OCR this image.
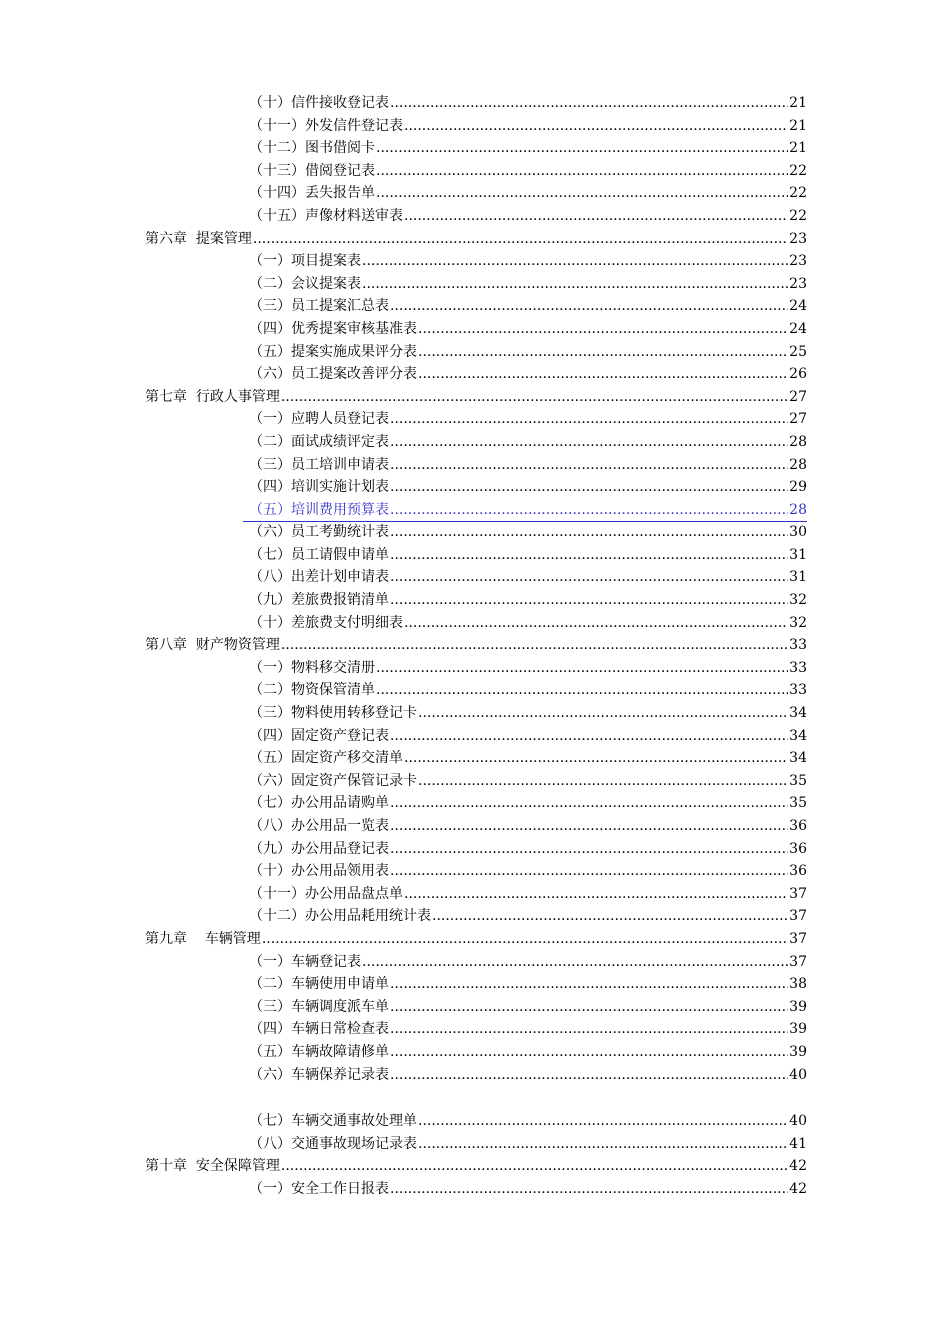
（十）信件接收登记表 .....	21
（十一）外发信件登记表 .....	21
（十二）图书借阅卡 .....	21
（十三）借阅登记表 .....	22
（十四）丢失报告单 .....	22
（十五）声像材料送审表 .....	22
第六章  提案管理 .....	23
（一）项目提案表 .....	23
（二）会议提案表 .....	23
（三）员工提案汇总表 .....	24
（四）优秀提案审核基准表 .....	24
（五）提案实施成果评分表 .....	25
（六）员工提案改善评分表 .....	26
第七章  行政人事管理 .....	27
（一）应聘人员登记表 .....	27
（二）面试成绩评定表 .....	28
（三）员工培训申请表 .....	28
（四）培训实施计划表 .....	29
（五）培训费用预算表 .....	28
（六）员工考勤统计表 .....	30
（七）员工请假申请单 .....	31
（八）出差计划申请表 .....	31
（九）差旅费报销清单 .....	32
（十）差旅费支付明细表 .....	32
第八章  财产物资管理 .....	33
（一）物料移交清册 .....	33
（二）物资保管清单 .....	33
（三）物料使用转移登记卡 .....	34
（四）固定资产登记表 .....	34
（五）固定资产移交清单 .....	34
（六）固定资产保管记录卡 .....	35
（七）办公用品请购单 .....	35
（八）办公用品一览表 .....	36
（九）办公用品登记表 .....	36
（十）办公用品领用表 .....	36
（十一）办公用品盘点单 .....	37
（十二）办公用品耗用统计表 .....	37
第九章    车辆管理 .....	37
（一）车辆登记表 .....	37
（二）车辆使用申请单 .....	38
（三）车辆调度派车单 .....	39
（四）车辆日常检查表 .....	39
（五）车辆故障请修单 .....	39
（六）车辆保养记录表 .....	40
（七）车辆交通事故处理单 .....	40
（八）交通事故现场记录表 .....	41
第十章  安全保障管理 .....	42
（一）安全工作日报表 .....	42
